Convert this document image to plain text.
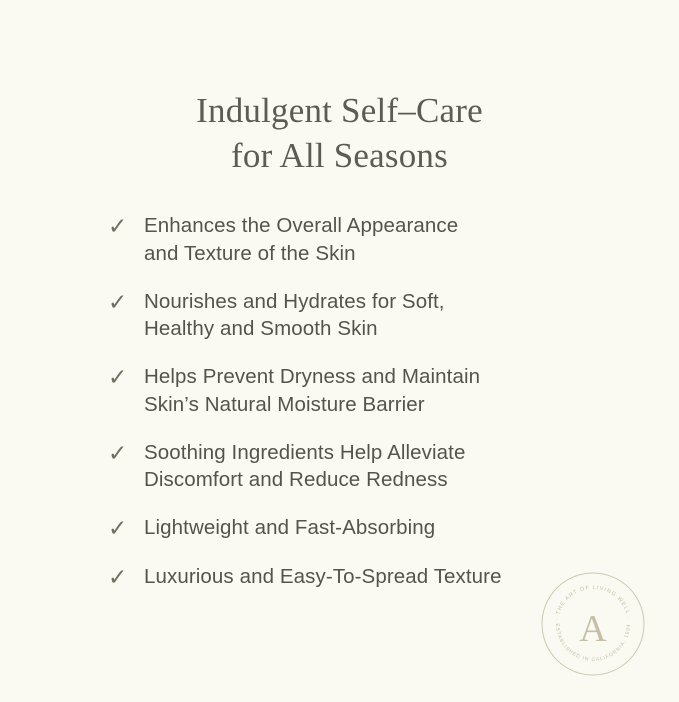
Indulgent Self–Care
for All Seasons
✓ Enhances the Overall Appearance
and Texture of the Skin
✓ Nourishes and Hydrates for Soft,
Healthy and Smooth Skin
✓ Helps Prevent Dryness and Maintain
Skin’s Natural Moisture Barrier
✓ Soothing Ingredients Help Alleviate
Discomfort and Reduce Redness
✓ Lightweight and Fast-Absorbing
✓ Luxurious and Easy-To-Spread Texture
A
· THE ART OF LIVING WELL ·
ESTABLISHED IN CALIFORNIA, 1994
